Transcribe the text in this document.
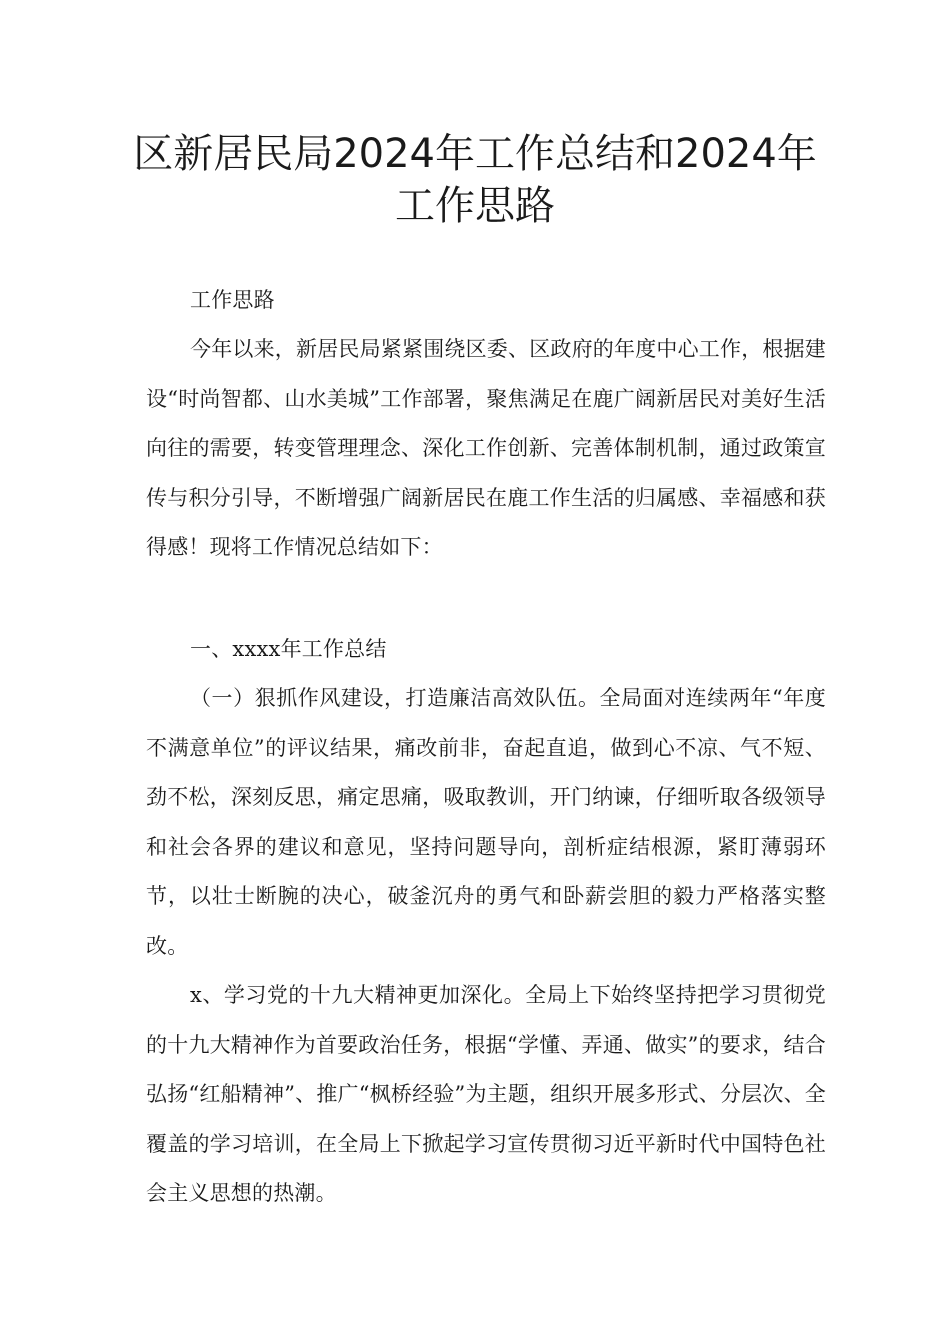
区新居民局2024年工作总结和2024年
工作思路

工作思路

今年以来，新居民局紧紧围绕区委、区政府的年度中心工作，根据建设“时尚智都、山水美城”工作部署，聚焦满足在鹿广阔新居民对美好生活向往的需要，转变管理理念、深化工作创新、完善体制机制，通过政策宣传与积分引导，不断增强广阔新居民在鹿工作生活的归属感、幸福感和获得感！现将工作情况总结如下：

一、xxxx年工作总结

（一）狠抓作风建设，打造廉洁高效队伍。全局面对连续两年“年度不满意单位”的评议结果，痛改前非，奋起直追，做到心不凉、气不短、劲不松，深刻反思，痛定思痛，吸取教训，开门纳谏，仔细听取各级领导和社会各界的建议和意见，坚持问题导向，剖析症结根源，紧盯薄弱环节，以壮士断腕的决心，破釜沉舟的勇气和卧薪尝胆的毅力严格落实整改。

x、学习党的十九大精神更加深化。全局上下始终坚持把学习贯彻党的十九大精神作为首要政治任务，根据“学懂、弄通、做实”的要求，结合弘扬“红船精神”、推广“枫桥经验”为主题，组织开展多形式、分层次、全覆盖的学习培训，在全局上下掀起学习宣传贯彻习近平新时代中国特色社会主义思想的热潮。
